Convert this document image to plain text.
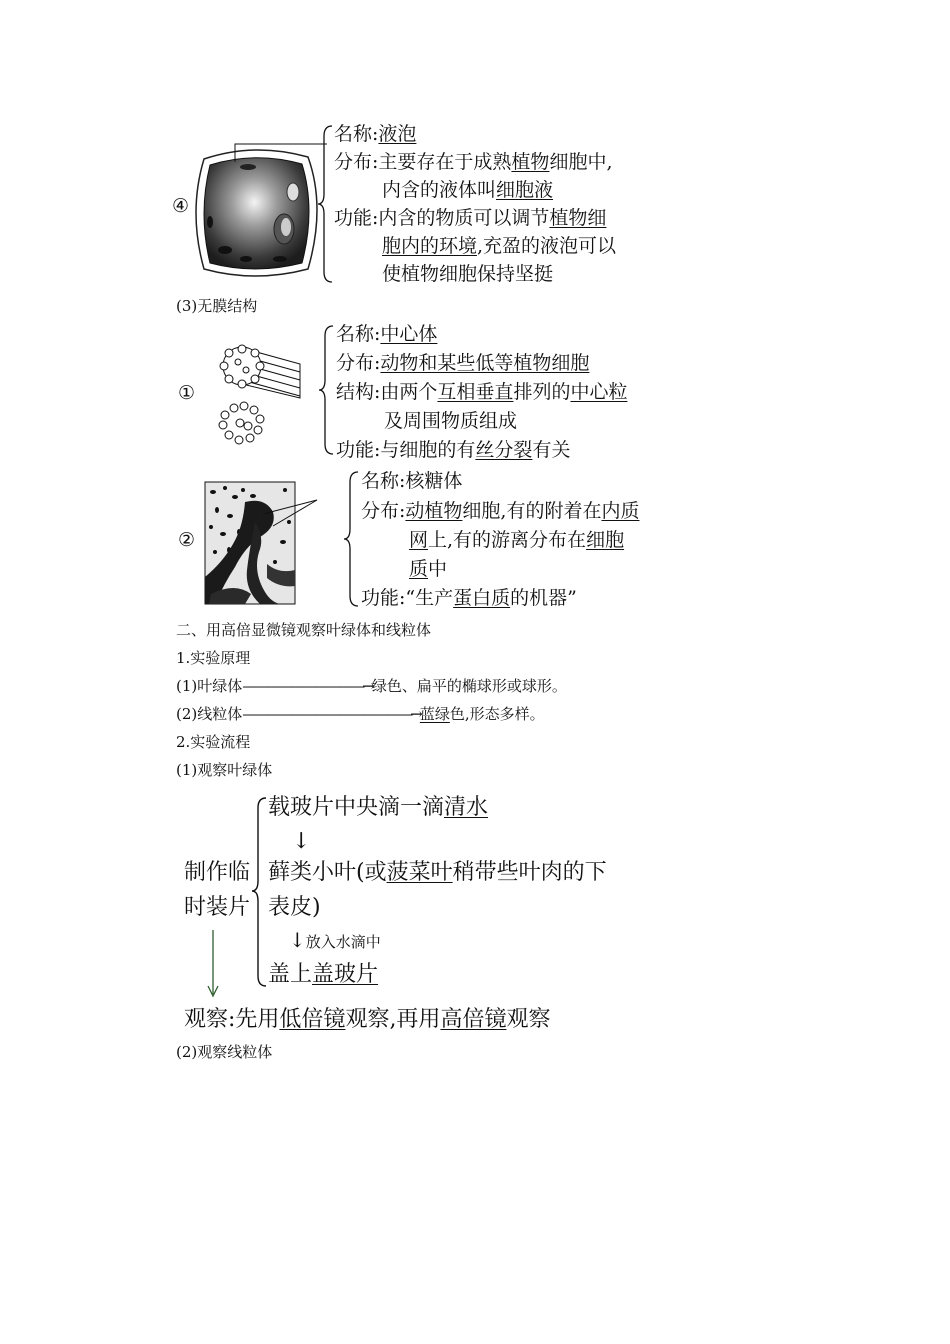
④
名称:液泡
分布:主要存在于成熟植物细胞中,
内含的液体叫细胞液
功能:内含的物质可以调节植物细
胞内的环境,充盈的液泡可以
使植物细胞保持坚挺
(3)无膜结构
①
名称:中心体
分布:动物和某些低等植物细胞
结构:由两个互相垂直排列的中心粒
及周围物质组成
功能:与细胞的有丝分裂有关
②
名称:核糖体
分布:动植物细胞,有的附着在内质
网上,有的游离分布在细胞
质中
功能:“生产蛋白质的机器”
二、用高倍显微镜观察叶绿体和线粒体
1.实验原理
(1)叶绿体——————————→绿色、扁平的椭球形或球形。
(2)线粒体——————————————→蓝绿色,形态多样。
2.实验流程
(1)观察叶绿体
制作临
时装片
载玻片中央滴一滴清水
↓
藓类小叶(或菠菜叶稍带些叶肉的下
表皮)
↓放入水滴中
盖上盖玻片
观察:先用低倍镜观察,再用高倍镜观察
(2)观察线粒体
